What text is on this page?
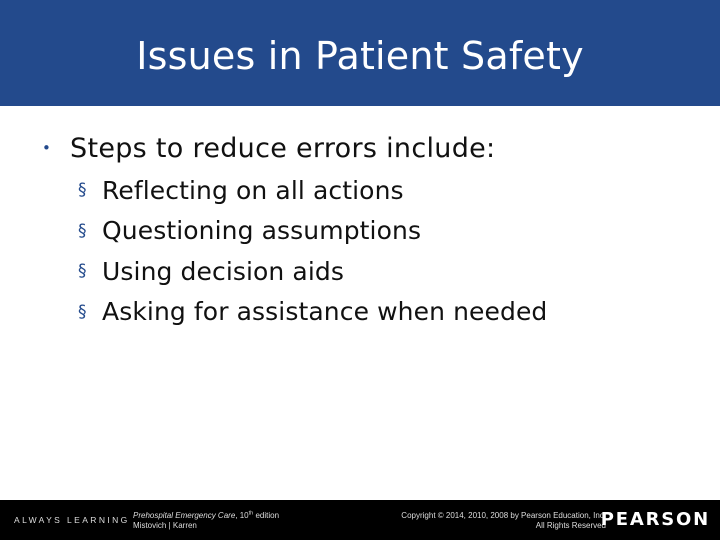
Issues in Patient Safety
• Steps to reduce errors include:
§ Reflecting on all actions
§ Questioning assumptions
§ Using decision aids
§ Asking for assistance when needed
ALWAYS LEARNING Prehospital Emergency Care, 10th edition
Mistovich | Karren
Copyright © 2014, 2010, 2008 by Pearson Education, Inc.
All Rights Reserved
PEARSON
